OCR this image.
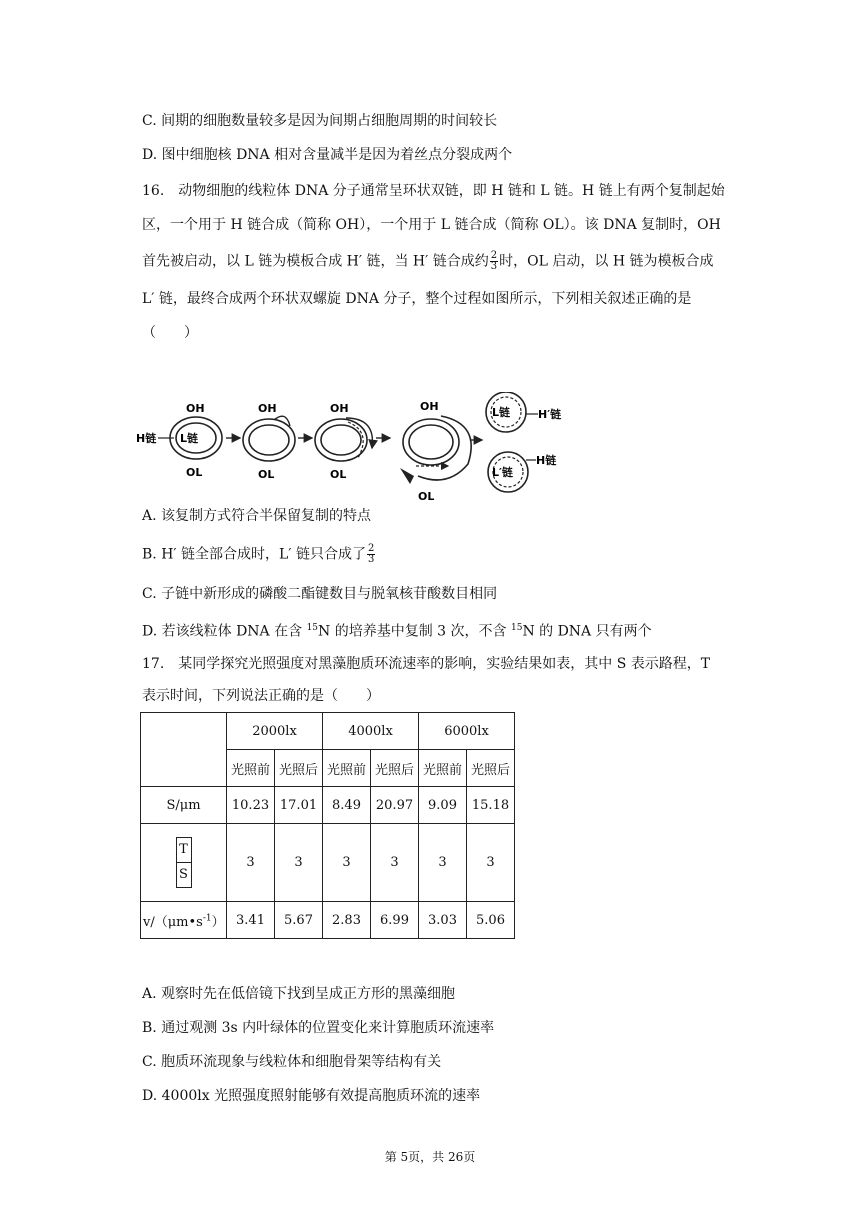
C. 间期的细胞数量较多是因为间期占细胞周期的时间较长
D. 图中细胞核 DNA 相对含量减半是因为着丝点分裂成两个
16.　动物细胞的线粒体 DNA 分子通常呈环状双链，即 H 链和 L 链。H 链上有两个复制起始
区，一个用于 H 链合成（简称 OH），一个用于 L 链合成（简称 OL）。该 DNA 复制时，OH
首先被启动，以 L 链为模板合成 H′ 链，当 H′ 链合成约 $\frac{2}{3}$ 时，OL 启动，以 H 链为模板合成
L′ 链，最终合成两个环状双螺旋 DNA 分子，整个过程如图所示，下列相关叙述正确的是
（　　）
H链 L链
OH
OL
OH
OL
OH
OL
OH
OL
L链	H′链
L′链
H链
A. 该复制方式符合半保留复制的特点
B. H′ 链全部合成时，L′ 链只合成了 $\frac{2}{3}$
C. 子链中新形成的磷酸二酯键数目与脱氧核苷酸数目相同
D. 若该线粒体 DNA 在含 $^{15}$N 的培养基中复制 3 次，不含 $^{15}$N 的 DNA 只有两个
17.　某同学探究光照强度对黑藻胞质环流速率的影响，实验结果如表，其中 S 表示路程，T
表示时间，下列说法正确的是（　　）
	2000lx		4000lx		6000lx	
	光照前	光照后	光照前	光照后	光照前	光照后
S/μm	10.23	17.01	8.49	20.97	9.09	15.18

$\frac{T}{S}$	3	3	3	3	3	3
$v/(\mu m•s^{-1})$	3.41	5.67	2.83	6.99	3.03	5.06
A. 观察时先在低倍镜下找到呈成正方形的黑藻细胞
B. 通过观测 3s 内叶绿体的位置变化来计算胞质环流速率
C. 胞质环流现象与线粒体和细胞骨架等结构有关
D. 4000lx 光照强度照射能够有效提高胞质环流的速率
第 5页，共 26页
